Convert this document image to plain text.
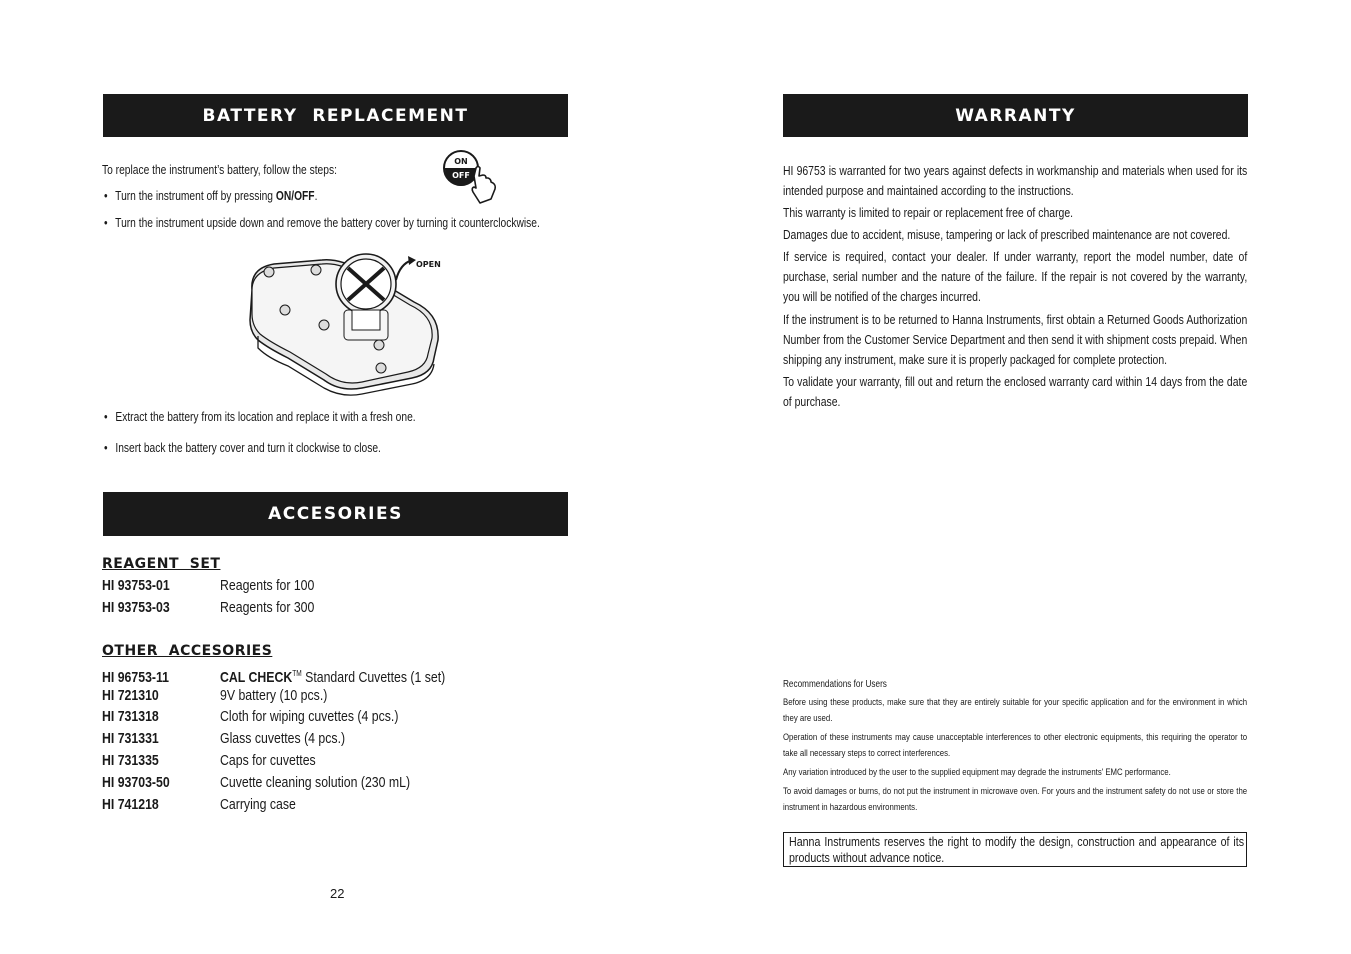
BATTERY  REPLACEMENT
To replace the instrument’s battery, follow the steps:
• Turn the instrument off by pressing ON/OFF.
• Turn the instrument upside down and remove the battery cover by turning it counterclockwise.
ON
OFF
OPEN
• Extract the battery from its location and replace it with a fresh one.
• Insert back the battery cover and turn it clockwise to close.
ACCESORIES
REAGENT  SET
HI 93753-01	Reagents for 100
HI 93753-03	Reagents for 300
OTHER  ACCESORIES
HI 96753-11	CAL CHECK™ Standard Cuvettes (1 set)
HI 721310	9V battery (10 pcs.)
HI 731318	Cloth for wiping cuvettes (4 pcs.)
HI 731331	Glass cuvettes (4 pcs.)
HI 731335	Caps for cuvettes
HI 93703-50	Cuvette cleaning solution (230 mL)
HI 741218	Carrying case
22
WARRANTY
HI 96753 is warranted for two years against defects in workmanship and materials when used for its intended purpose and maintained according to the instructions.
This warranty is limited to repair or replacement free of charge.
Damages due to accident, misuse, tampering or lack of prescribed maintenance are not covered.
If service is required, contact your dealer. If under warranty, report the model number, date of purchase, serial number and the nature of the failure. If the repair is not covered by the warranty, you will be notified of the charges incurred.
If the instrument is to be returned to Hanna Instruments, first obtain a Returned Goods Authorization Number from the Customer Service Department and then send it with shipment costs prepaid. When shipping any instrument, make sure it is properly packaged for complete protection.
To validate your warranty, fill out and return the enclosed warranty card within 14 days from the date of purchase.
Recommendations for Users
Before using these products, make sure that they are entirely suitable for your specific application and for the environment in which they are used.
Operation of these instruments may cause unacceptable interferences to other electronic equipments, this requiring the operator to take all necessary steps to correct interferences.
Any variation introduced by the user to the supplied equipment may degrade the instruments' EMC performance.
To avoid damages or burns, do not put the instrument in microwave oven. For yours and the instrument safety do not use or store the instrument in hazardous environments.
Hanna Instruments reserves the right to modify the design, construction and appearance of its products without advance notice.
